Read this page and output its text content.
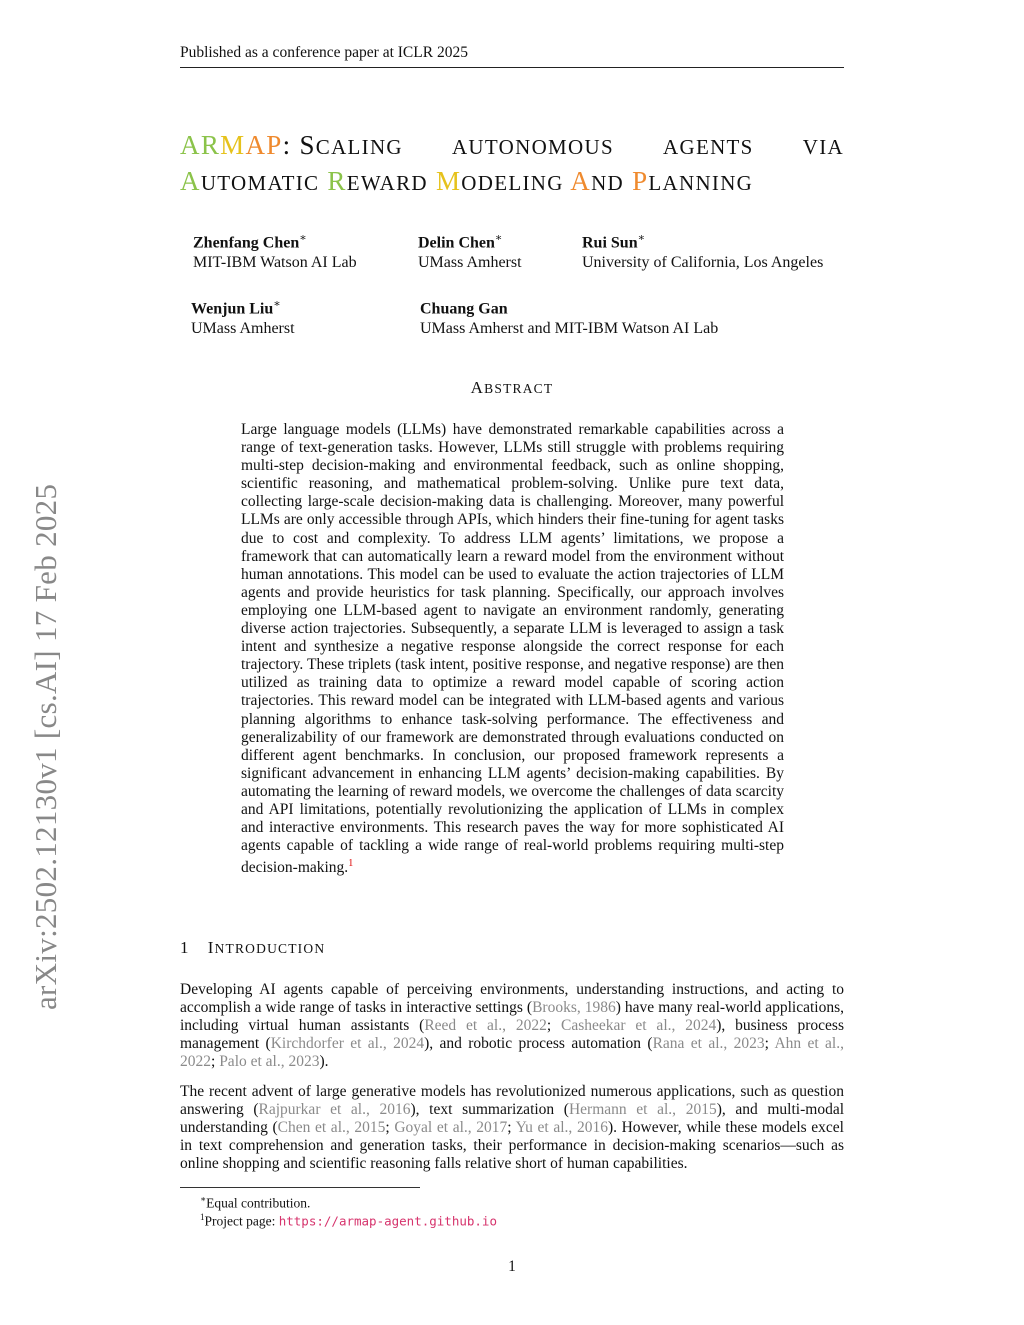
Published as a conference paper at ICLR 2025
arXiv:2502.12130v1 [cs.AI] 17 Feb 2025
ARMAP: SCALING AUTONOMOUS AGENTS VIA
AUTOMATIC REWARD MODELING AND PLANNING
Zhenfang Chen∗
MIT-IBM Watson AI Lab
Delin Chen∗
UMass Amherst
Rui Sun∗
University of California, Los Angeles
Wenjun Liu∗
UMass Amherst
Chuang Gan
UMass Amherst and MIT-IBM Watson AI Lab
ABSTRACT
Large language models (LLMs) have demonstrated remarkable capabilities across a range of text-generation tasks. However, LLMs still struggle with problems requiring multi-step decision-making and environmental feedback, such as online shopping, scientific reasoning, and mathematical problem-solving. Unlike pure text data, collecting large-scale decision-making data is challenging. Moreover, many powerful LLMs are only accessible through APIs, which hinders their fine-tuning for agent tasks due to cost and complexity. To address LLM agents’ limitations, we propose a framework that can automatically learn a reward model from the environment without human annotations. This model can be used to evaluate the action trajectories of LLM agents and provide heuristics for task planning. Specifically, our approach involves employing one LLM-based agent to navigate an environment randomly, generating diverse action trajectories. Subsequently, a separate LLM is leveraged to assign a task intent and synthesize a negative response alongside the correct response for each trajectory. These triplets (task intent, positive response, and negative response) are then utilized as training data to optimize a reward model capable of scoring action trajectories. This reward model can be integrated with LLM-based agents and various planning algorithms to enhance task-solving performance. The effectiveness and generalizability of our framework are demonstrated through evaluations conducted on different agent benchmarks. In conclusion, our proposed framework represents a significant advancement in enhancing LLM agents’ decision-making capabilities. By automating the learning of reward models, we overcome the challenges of data scarcity and API limitations, potentially revolutionizing the application of LLMs in complex and interactive environments. This research paves the way for more sophisticated AI agents capable of tackling a wide range of real-world problems requiring multi-step decision-making.$^1$
1 INTRODUCTION
Developing AI agents capable of perceiving environments, understanding instructions, and acting to accomplish a wide range of tasks in interactive settings (Brooks, 1986) have many real-world applications, including virtual human assistants (Reed et al., 2022; Casheekar et al., 2024), business process management (Kirchdorfer et al., 2024), and robotic process automation (Rana et al., 2023; Ahn et al., 2022; Palo et al., 2023).
The recent advent of large generative models has revolutionized numerous applications, such as question answering (Rajpurkar et al., 2016), text summarization (Hermann et al., 2015), and multi-modal understanding (Chen et al., 2015; Goyal et al., 2017; Yu et al., 2016). However, while these models excel in text comprehension and generation tasks, their performance in decision-making scenarios—such as online shopping and scientific reasoning falls relative short of human capabilities.
∗Equal contribution.
$^1$Project page: https://armap-agent.github.io
1
